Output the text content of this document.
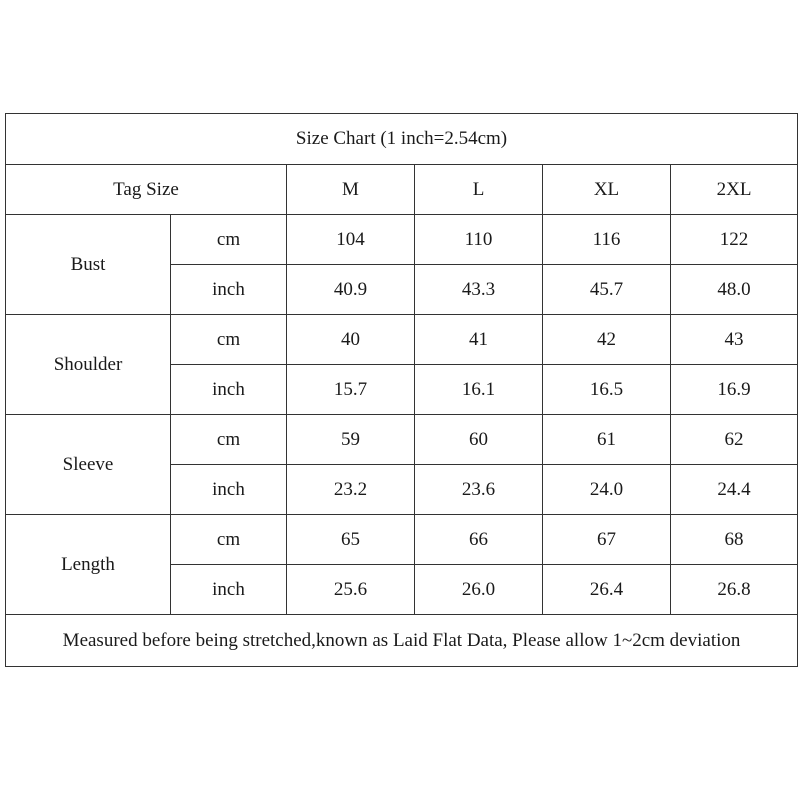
Size Chart (1 inch=2.54cm)					
Tag Size		M	L	XL	2XL
Bust	cm	104	110	116	122
	inch	40.9	43.3	45.7	48.0
Shoulder	cm	40	41	42	43
	inch	15.7	16.1	16.5	16.9
Sleeve	cm	59	60	61	62
	inch	23.2	23.6	24.0	24.4
Length	cm	65	66	67	68
	inch	25.6	26.0	26.4	26.8
Measured before being stretched,known as Laid Flat Data, Please allow 1~2cm deviation					
